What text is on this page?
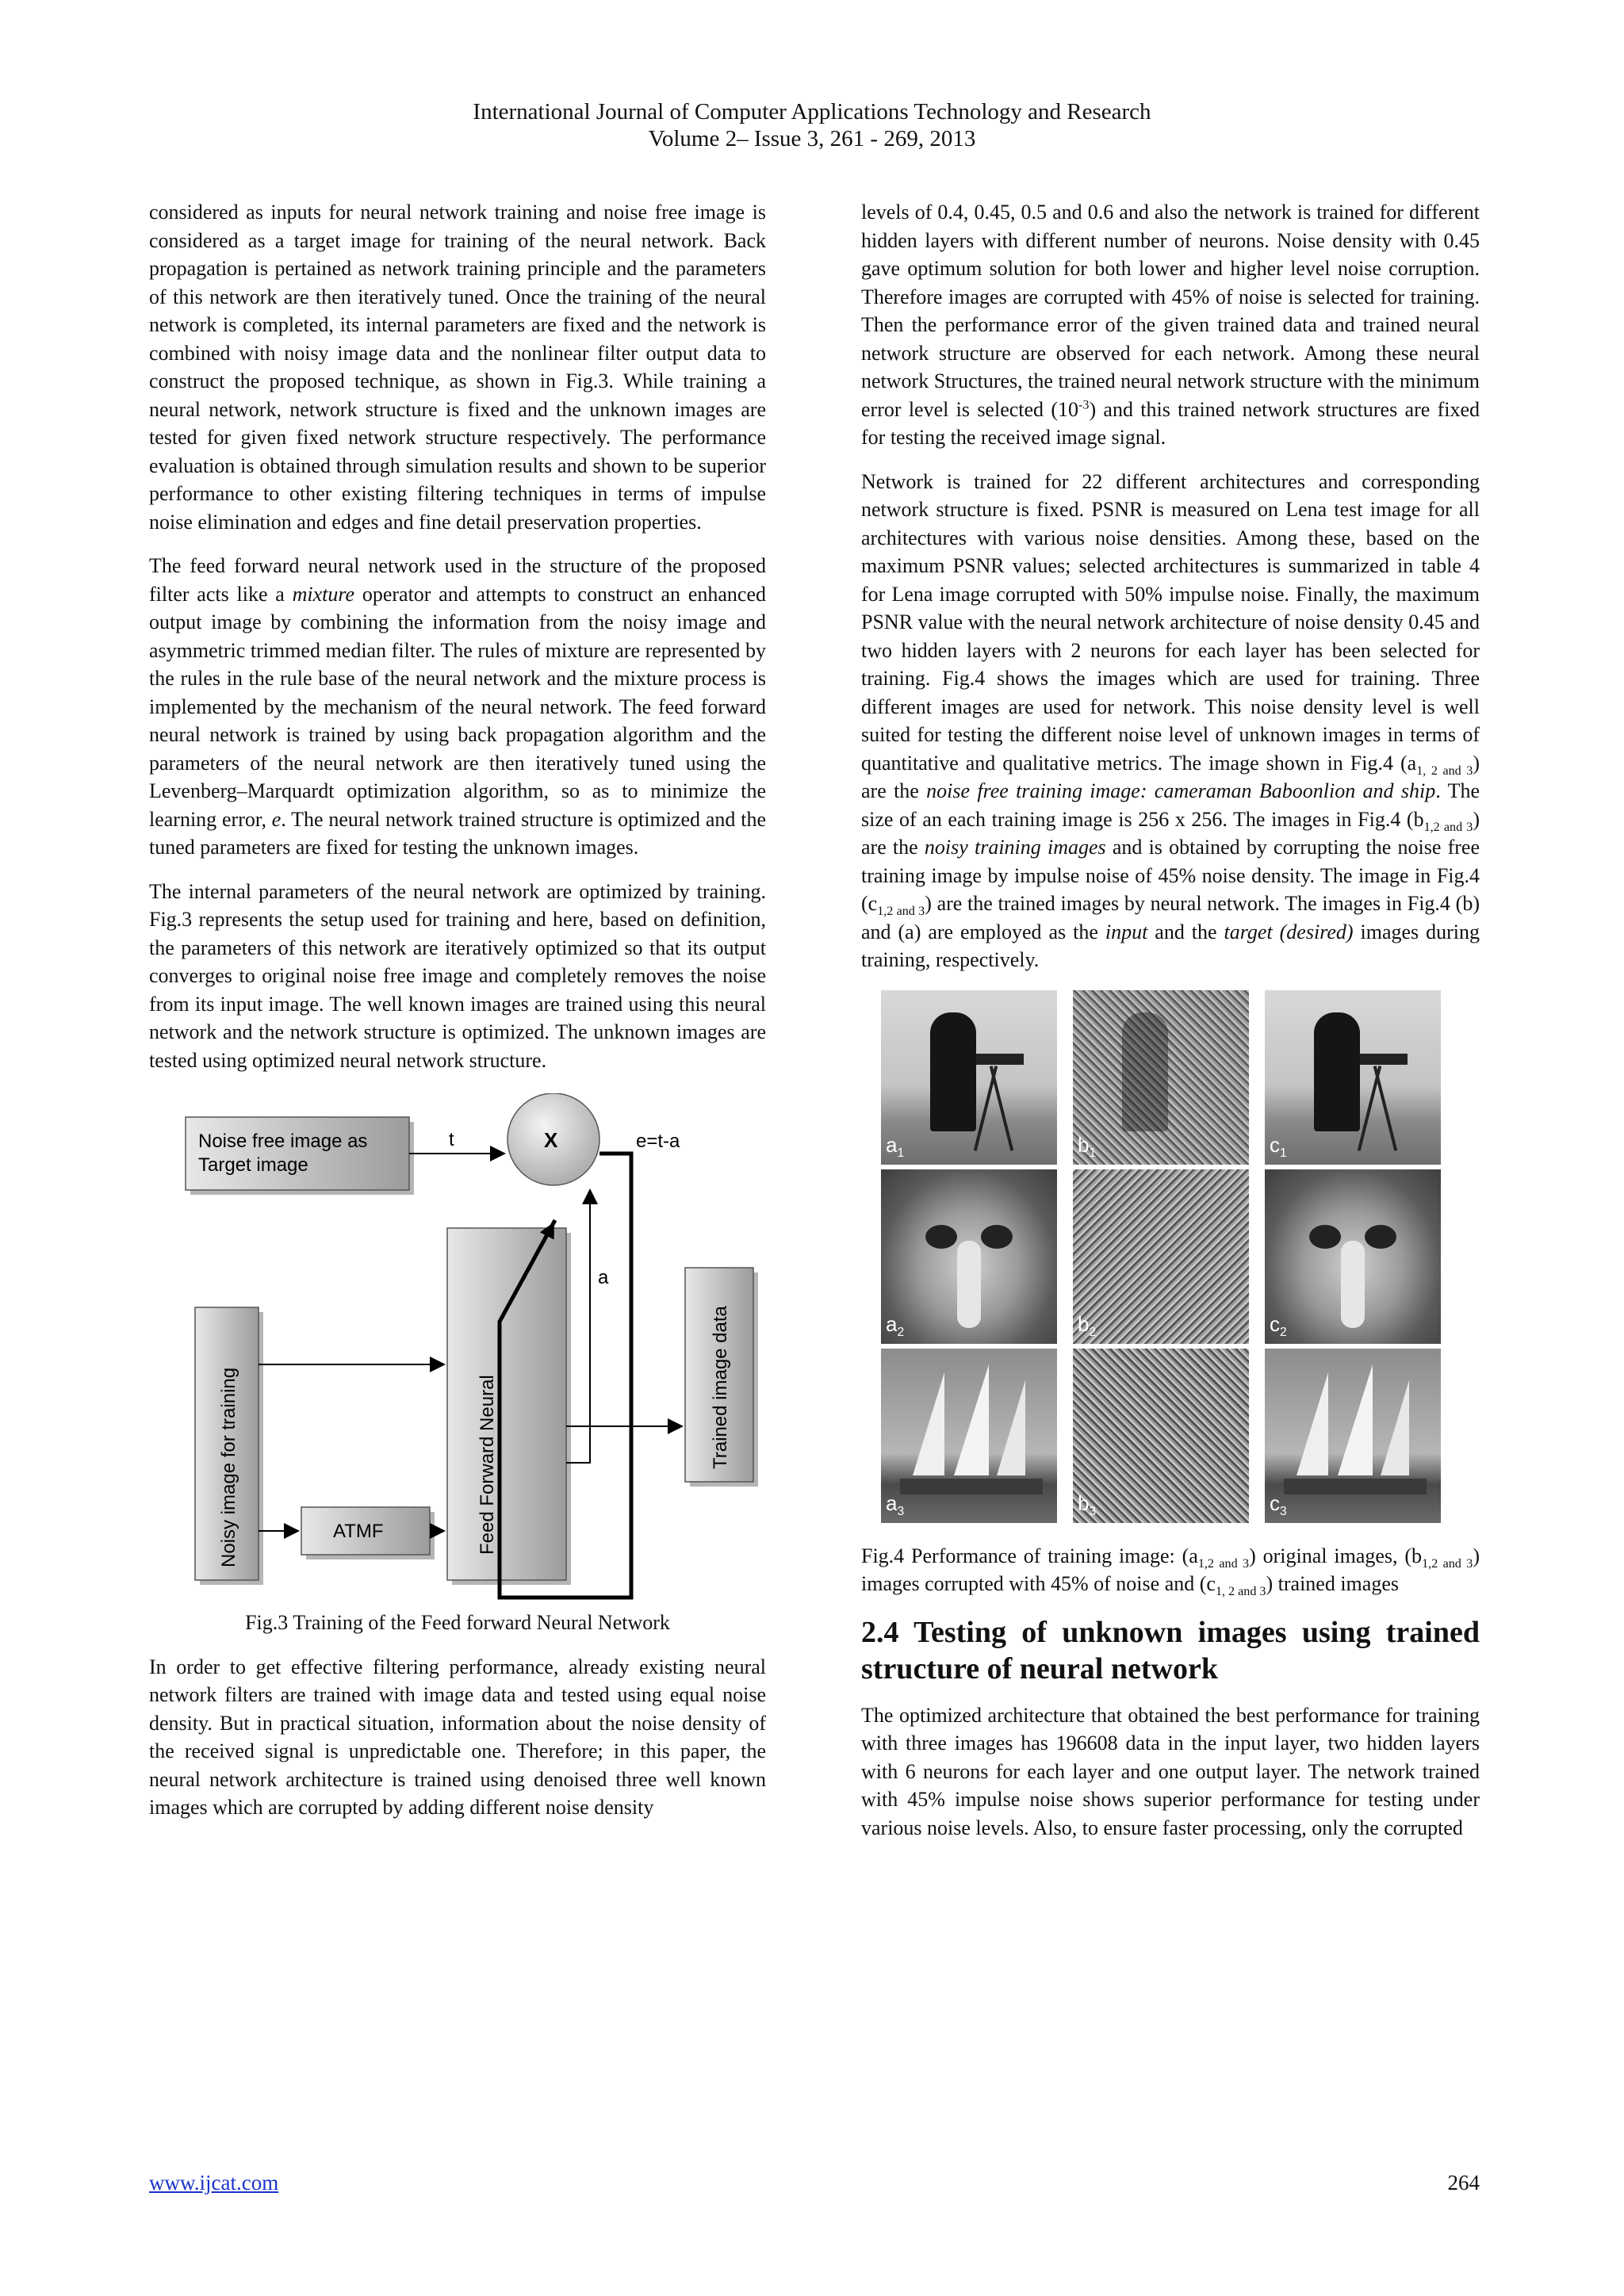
International Journal of Computer Applications Technology and Research
Volume 2– Issue 3, 261 - 269, 2013

considered as inputs for neural network training and noise free image is considered as a target image for training of the neural network. Back propagation is pertained as network training principle and the parameters of this network are then iteratively tuned. Once the training of the neural network is completed, its internal parameters are fixed and the network is combined with noisy image data and the nonlinear filter output data to construct the proposed technique, as shown in Fig.3. While training a neural network, network structure is fixed and the unknown images are tested for given fixed network structure respectively. The performance evaluation is obtained through simulation results and shown to be superior performance to other existing filtering techniques in terms of impulse noise elimination and edges and fine detail preservation properties.

The feed forward neural network used in the structure of the proposed filter acts like a mixture operator and attempts to construct an enhanced output image by combining the information from the noisy image and asymmetric trimmed median filter. The rules of mixture are represented by the rules in the rule base of the neural network and the mixture process is implemented by the mechanism of the neural network. The feed forward neural network is trained by using back propagation algorithm and the parameters of the neural network are then iteratively tuned using the Levenberg–Marquardt optimization algorithm, so as to minimize the learning error, e. The neural network trained structure is optimized and the tuned parameters are fixed for testing the unknown images.

The internal parameters of the neural network are optimized by training. Fig.3 represents the setup used for training and here, based on definition, the parameters of this network are iteratively optimized so that its output converges to original noise free image and completely removes the noise from its input image. The well known images are trained using this neural network and the network structure is optimized. The unknown images are tested using optimized neural network structure.

Noise free image as
Target image
t	X	e=t-a
a
ATMF
Noisy image for training	Feed Forward Neural	Trained image data

Fig.3 Training of the Feed forward Neural Network

In order to get effective filtering performance, already existing neural network filters are trained with image data and tested using equal noise density. But in practical situation, information about the noise density of the received signal is unpredictable one. Therefore; in this paper, the neural network architecture is trained using denoised three well known images which are corrupted by adding different noise density

levels of 0.4, 0.45, 0.5 and 0.6 and also the network is trained for different hidden layers with different number of neurons. Noise density with 0.45 gave optimum solution for both lower and higher level noise corruption. Therefore images are corrupted with 45% of noise is selected for training. Then the performance error of the given trained data and trained neural network structure are observed for each network. Among these neural network Structures, the trained neural network structure with the minimum error level is selected $(10^{-3})$ and this trained network structures are fixed for testing the received image signal.

Network is trained for 22 different architectures and corresponding network structure is fixed. PSNR is measured on Lena test image for all architectures with various noise densities. Among these, based on the maximum PSNR values; selected architectures is summarized in table 4 for Lena image corrupted with 50% impulse noise. Finally, the maximum PSNR value with the neural network architecture of noise density 0.45 and two hidden layers with 2 neurons for each layer has been selected for training. Fig.4 shows the images which are used for training. Three different images are used for network. This noise density level is well suited for testing the different noise level of unknown images in terms of quantitative and qualitative metrics. The image shown in Fig.4 $(a_{1, 2 and 3})$ are the noise free training image: cameraman Baboonlion and ship. The size of an each training image is 256 x 256. The images in Fig.4 $(b_{1,2 and 3})$ are the noisy training images and is obtained by corrupting the noise free training image by impulse noise of 45% noise density. The image in Fig.4 $(c_{1,2 and 3})$ are the trained images by neural network. The images in Fig.4 (b) and (a) are employed as the input and the target (desired) images during training, respectively.

$a_1$	$b_1$	$c_1$
$a_2$	$b_2$	$c_2$
$a_3$	$b_3$	$c_3$

Fig.4 Performance of training image: $(a_{1,2 and 3})$ original images, $(b_{1,2 and 3})$ images corrupted with 45% of noise and $(c_{1, 2 and 3})$ trained images

2.4 Testing of unknown images using trained structure of neural network

The optimized architecture that obtained the best performance for training with three images has 196608 data in the input layer, two hidden layers with 6 neurons for each layer and one output layer. The network trained with 45% impulse noise shows superior performance for testing under various noise levels. Also, to ensure faster processing, only the corrupted

www.ijcat.com	264
